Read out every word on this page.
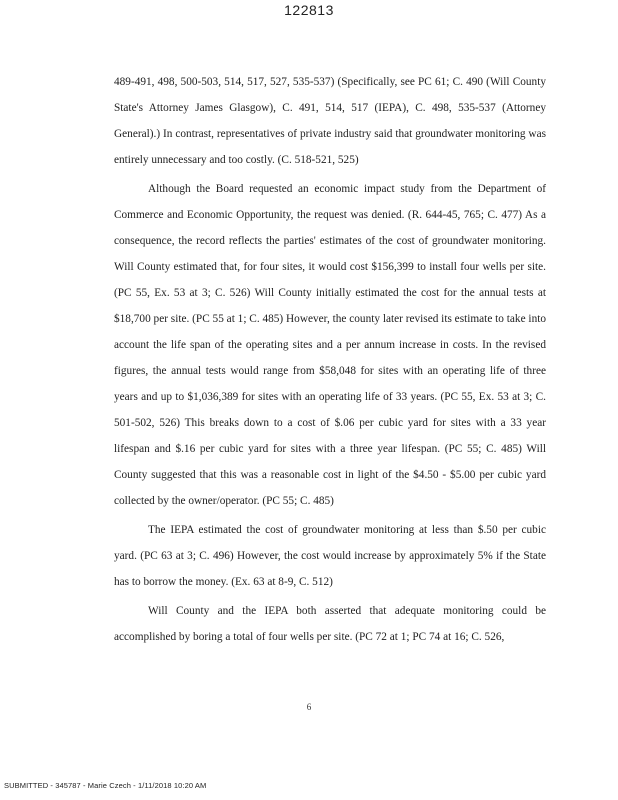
122813

489-491, 498, 500-503, 514, 517, 527, 535-537) (Specifically, see PC 61; C. 490 (Will County State's Attorney James Glasgow), C. 491, 514, 517 (IEPA), C. 498, 535-537 (Attorney General).) In contrast, representatives of private industry said that groundwater monitoring was entirely unnecessary and too costly. (C. 518-521, 525)

Although the Board requested an economic impact study from the Department of Commerce and Economic Opportunity, the request was denied. (R. 644-45, 765; C. 477) As a consequence, the record reflects the parties' estimates of the cost of groundwater monitoring. Will County estimated that, for four sites, it would cost $156,399 to install four wells per site. (PC 55, Ex. 53 at 3; C. 526) Will County initially estimated the cost for the annual tests at $18,700 per site. (PC 55 at 1; C. 485) However, the county later revised its estimate to take into account the life span of the operating sites and a per annum increase in costs. In the revised figures, the annual tests would range from $58,048 for sites with an operating life of three years and up to $1,036,389 for sites with an operating life of 33 years. (PC 55, Ex. 53 at 3; C. 501-502, 526) This breaks down to a cost of $.06 per cubic yard for sites with a 33 year lifespan and $.16 per cubic yard for sites with a three year lifespan. (PC 55; C. 485) Will County suggested that this was a reasonable cost in light of the $4.50 - $5.00 per cubic yard collected by the owner/operator. (PC 55; C. 485)

The IEPA estimated the cost of groundwater monitoring at less than $.50 per cubic yard. (PC 63 at 3; C. 496) However, the cost would increase by approximately 5% if the State has to borrow the money. (Ex. 63 at 8-9, C. 512)

Will County and the IEPA both asserted that adequate monitoring could be accomplished by boring a total of four wells per site. (PC 72 at 1; PC 74 at 16; C. 526,

6
SUBMITTED - 345787 - Marie Czech - 1/11/2018 10:20 AM
